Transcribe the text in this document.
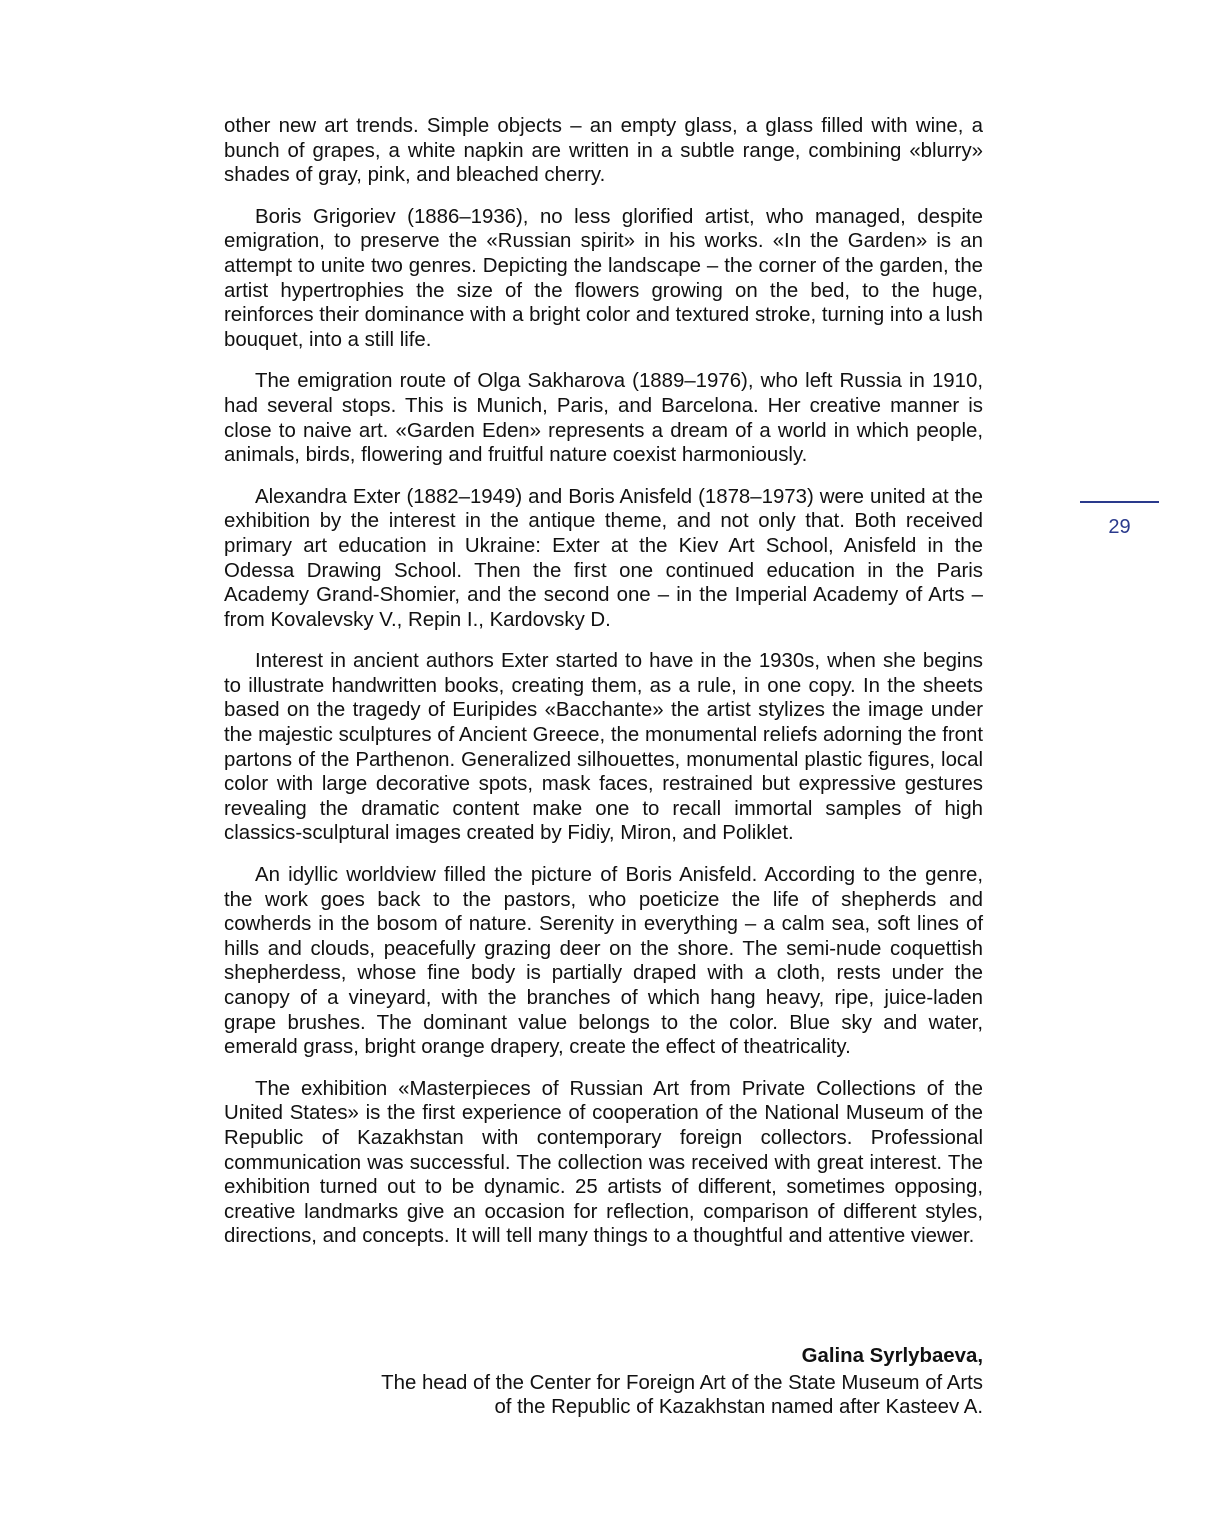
other new art trends. Simple objects – an empty glass, a glass filled with wine, a bunch of grapes, a white napkin are written in a subtle range, combining «blurry» shades of gray, pink, and bleached cherry.

Boris Grigoriev (1886–1936), no less glorified artist, who managed, despite emigration, to preserve the «Russian spirit» in his works. «In the Garden» is an attempt to unite two genres. Depicting the landscape – the corner of the garden, the artist hypertrophies the size of the flowers growing on the bed, to the huge, reinforces their dominance with a bright color and textured stroke, turning into a lush bouquet, into a still life.

The emigration route of Olga Sakharova (1889–1976), who left Russia in 1910, had several stops. This is Munich, Paris, and Barcelona. Her creative manner is close to naive art. «Garden Eden» represents a dream of a world in which people, animals, birds, flowering and fruitful nature coexist harmoniously.

Alexandra Exter (1882–1949) and Boris Anisfeld (1878–1973) were united at the exhibition by the interest in the antique theme, and not only that. Both received primary art education in Ukraine: Exter at the Kiev Art School, Anisfeld in the Odessa Drawing School. Then the first one continued education in the Paris Academy Grand-Shomier, and the second one – in the Imperial Academy of Arts – from Kovalevsky V., Repin I., Kardovsky D.

Interest in ancient authors Exter started to have in the 1930s, when she begins to illustrate handwritten books, creating them, as a rule, in one copy. In the sheets based on the tragedy of Euripides «Bacchante» the artist stylizes the image under the majestic sculptures of Ancient Greece, the monumental reliefs adorning the front partons of the Parthenon. Generalized silhouettes, monumental plastic figures, local color with large decorative spots, mask faces, restrained but expressive gestures revealing the dramatic content make one to recall immortal samples of high classics-sculptural images created by Fidiy, Miron, and Poliklet.

An idyllic worldview filled the picture of Boris Anisfeld. According to the genre, the work goes back to the pastors, who poeticize the life of shepherds and cowherds in the bosom of nature. Serenity in everything – a calm sea, soft lines of hills and clouds, peacefully grazing deer on the shore. The semi-nude coquettish shepherdess, whose fine body is partially draped with a cloth, rests under the canopy of a vineyard, with the branches of which hang heavy, ripe, juice-laden grape brushes. The dominant value belongs to the color. Blue sky and water, emerald grass, bright orange drapery, create the effect of theatricality.

The exhibition «Masterpieces of Russian Art from Private Collections of the United States» is the first experience of cooperation of the National Museum of the Republic of Kazakhstan with contemporary foreign collectors. Professional communication was successful. The collection was received with great interest. The exhibition turned out to be dynamic. 25 artists of different, sometimes opposing, creative landmarks give an occasion for reflection, comparison of different styles, directions, and concepts. It will tell many things to a thoughtful and attentive viewer.

Galina Syrlybaeva,
The head of the Center for Foreign Art of the State Museum of Arts
of the Republic of Kazakhstan named after Kasteev A.
29
